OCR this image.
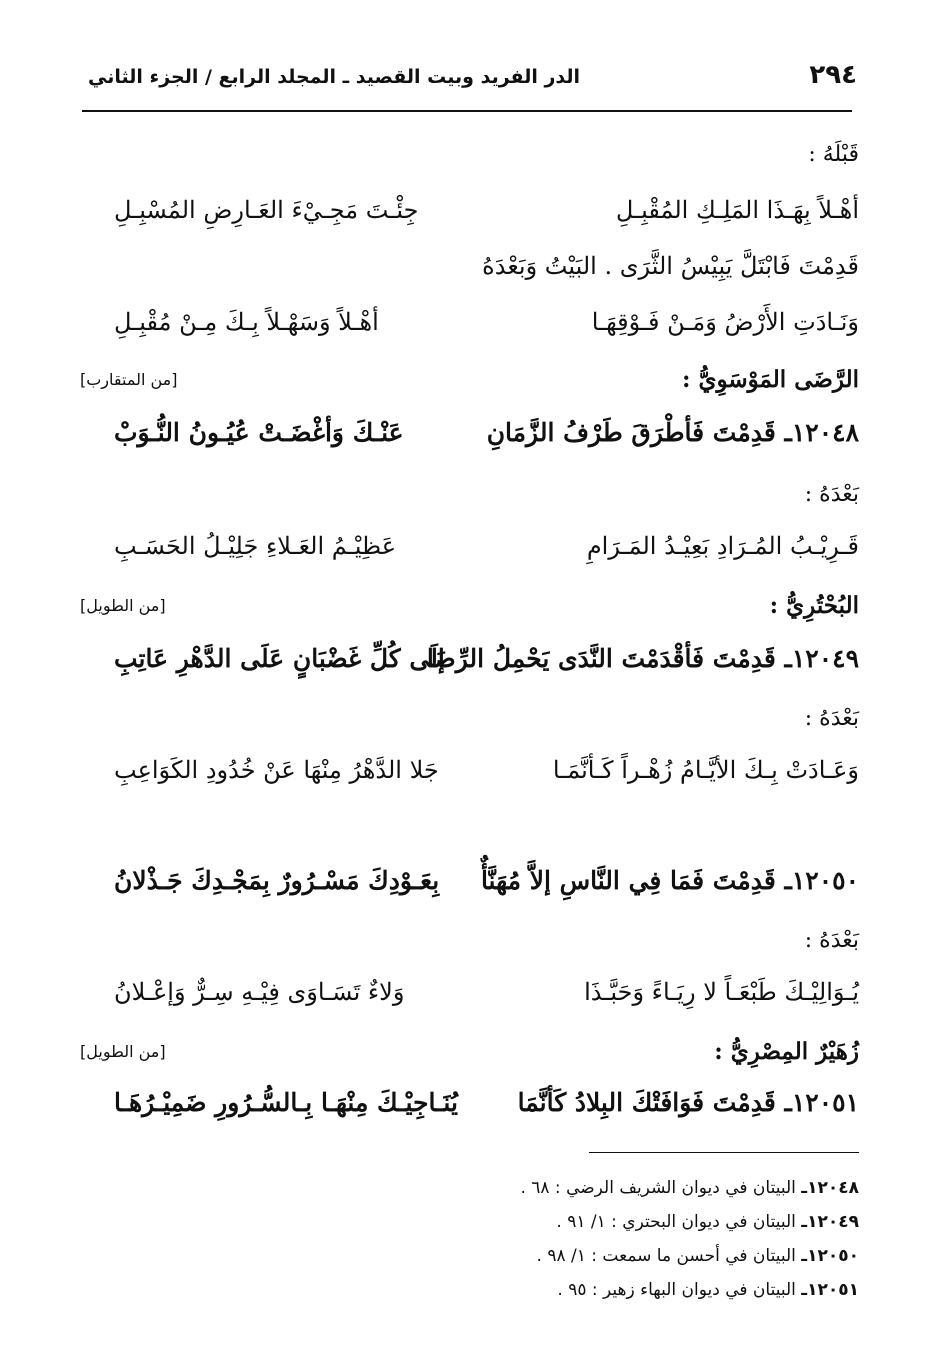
٢٩٤
الدر الفريد وبيت القصيد ـ المجلد الرابع / الجزء الثاني
قَبْلَهُ :
أهْـلاً بِهَـذَا المَلِـكِ المُقْبِـلِ
جِئْـتَ مَجِـيْءَ العَـارِضِ المُسْبِـلِ
قَدِمْتَ فَابْتَلَّ يَبِيْسُ الثَّرَى . البَيْتُ وَبَعْدَهُ
وَنَـادَتِ الأَرْضُ وَمَـنْ فَـوْقِهَـا
أهْـلاً وَسَهْـلاً بِـكَ مِـنْ مُقْبِـلِ
الرَّضَى المَوْسَوِيُّ :
[من المتقارب]
١٢٠٤٨ـ قَدِمْتَ فَأطْرَقَ طَرْفُ الزَّمَانِ
عَنْـكَ وَأغْضَـتْ عُيُـونُ النُّـوَبْ
بَعْدَهُ :
قَـرِيْـبُ المُـرَادِ بَعِيْـدُ المَـرَامِ
عَظِيْـمُ العَـلاءِ جَلِيْـلُ الحَسَـبِ
البُحْتُرِيُّ :
[من الطويل]
١٢٠٤٩ـ قَدِمْتَ فَأقْدَمْتَ النَّدَى يَحْمِلُ الرِّضَا
إلَى كُلِّ غَضْبَانٍ عَلَى الدَّهْرِ عَاتِبِ
بَعْدَهُ :
وَعَـادَتْ بِـكَ الأيَّـامُ زُهْـراً كَـأنَّمَـا
جَلا الدَّهْرُ مِنْهَا عَنْ خُدُودِ الكَوَاعِبِ
١٢٠٥٠ـ قَدِمْتَ فَمَا فِي النَّاسِ إلاَّ مُهَنَّأٌ
بِعَـوْدِكَ مَسْـرُورٌ بِمَجْـدِكَ جَـذْلانُ
بَعْدَهُ :
يُـوَالِيْـكَ طَبْعَـاً لا رِيَـاءً وَحَبَّـذَا
وَلاءٌ تَسَـاوَى فِيْـهِ سِـرٌّ وَإعْـلانُ
زُهَيْرٌ المِصْرِيُّ :
[من الطويل]
١٢٠٥١ـ قَدِمْتَ فَوَافَتْكَ البِلادُ كَأنَّمَا
يُنَـاجِيْـكَ مِنْهَـا بِـالسُّـرُورِ ضَمِيْـرُهَـا
١٢٠٤٨ـ البيتان في ديوان الشريف الرضي : ٦٨ .
١٢٠٤٩ـ البيتان في ديوان البحتري : ١/ ٩١ .
١٢٠٥٠ـ البيتان في أحسن ما سمعت : ١/ ٩٨ .
١٢٠٥١ـ البيتان في ديوان البهاء زهير : ٩٥ .
